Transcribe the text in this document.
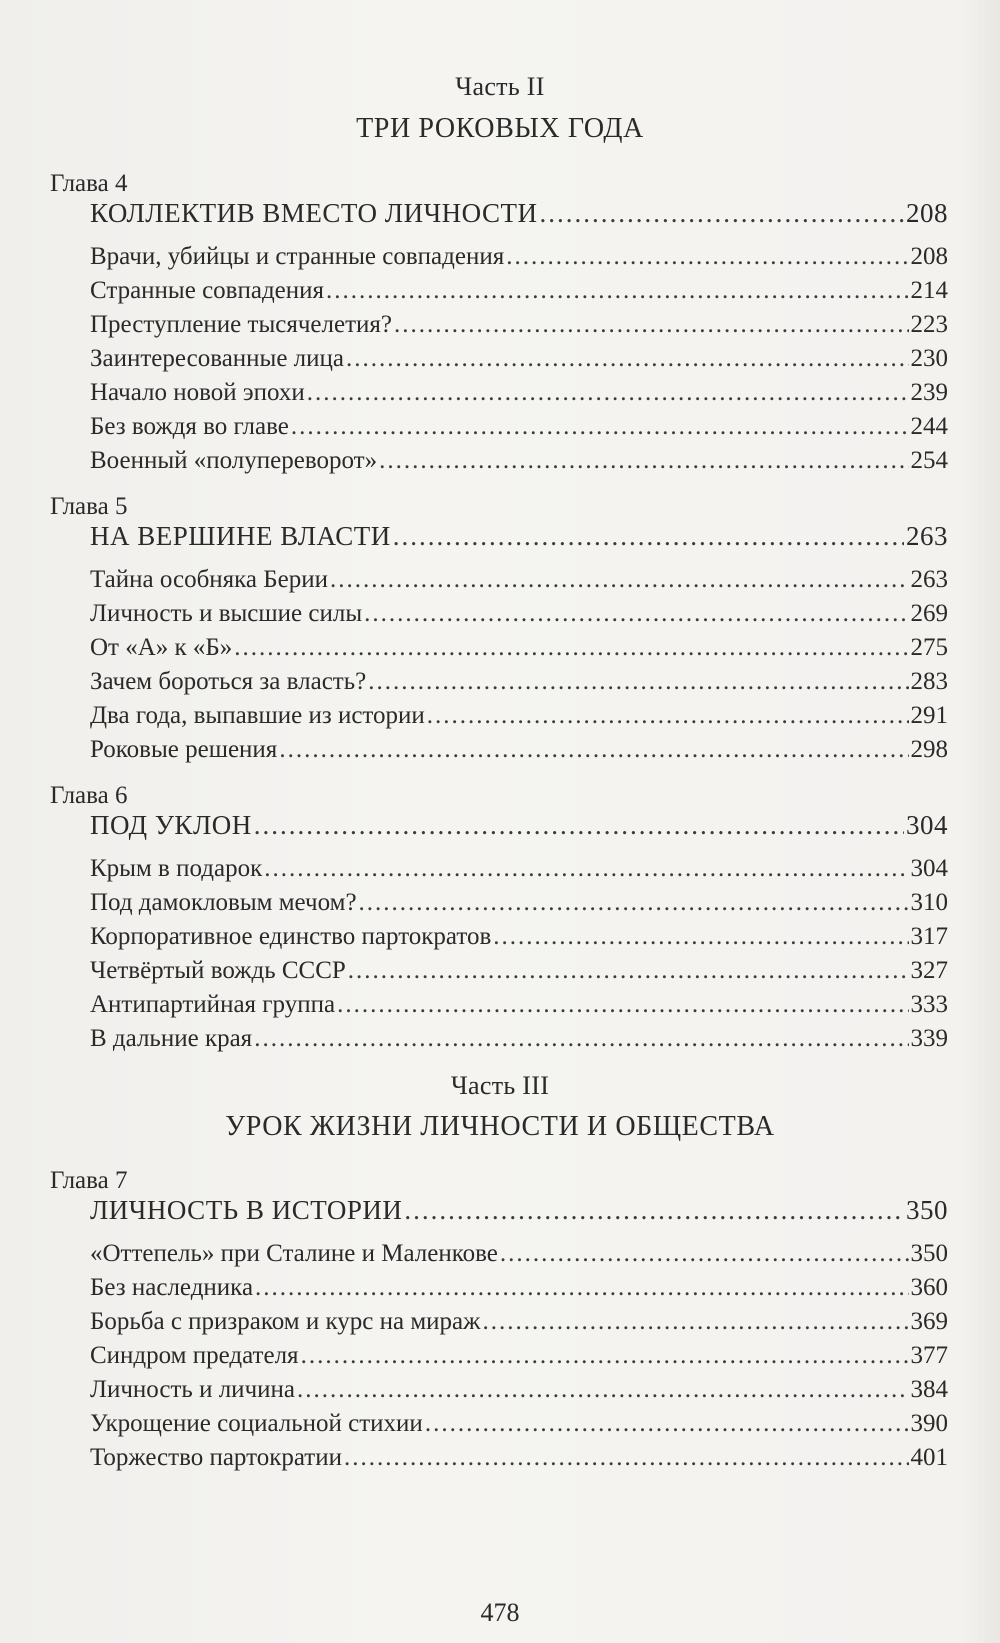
Часть II
ТРИ РОКОВЫХ ГОДА
Глава 4
КОЛЛЕКТИВ ВМЕСТО ЛИЧНОСТИ .....	208
Врачи, убийцы и странные совпадения .....	208
Странные совпадения .....	214
Преступление тысячелетия? .....	223
Заинтересованные лица .....	230
Начало новой эпохи .....	239
Без вождя во главе .....	244
Военный «полупереворот» .....	254
Глава 5
НА ВЕРШИНЕ ВЛАСТИ .....	263
Тайна особняка Берии .....	263
Личность и высшие силы .....	269
От «А» к «Б» .....	275
Зачем бороться за власть? .....	283
Два года, выпавшие из истории .....	291
Роковые решения .....	298
Глава 6
ПОД УКЛОН .....	304
Крым в подарок .....	304
Под дамокловым мечом? .....	310
Корпоративное единство партократов .....	317
Четвёртый вождь СССР .....	327
Антипартийная группа .....	333
В дальние края .....	339
Часть III
УРОК ЖИЗНИ ЛИЧНОСТИ И ОБЩЕСТВА
Глава 7
ЛИЧНОСТЬ В ИСТОРИИ .....	350
«Оттепель» при Сталине и Маленкове .....	350
Без наследника .....	360
Борьба с призраком и курс на мираж .....	369
Синдром предателя .....	377
Личность и личина .....	384
Укрощение социальной стихии .....	390
Торжество партократии .....	401
478
